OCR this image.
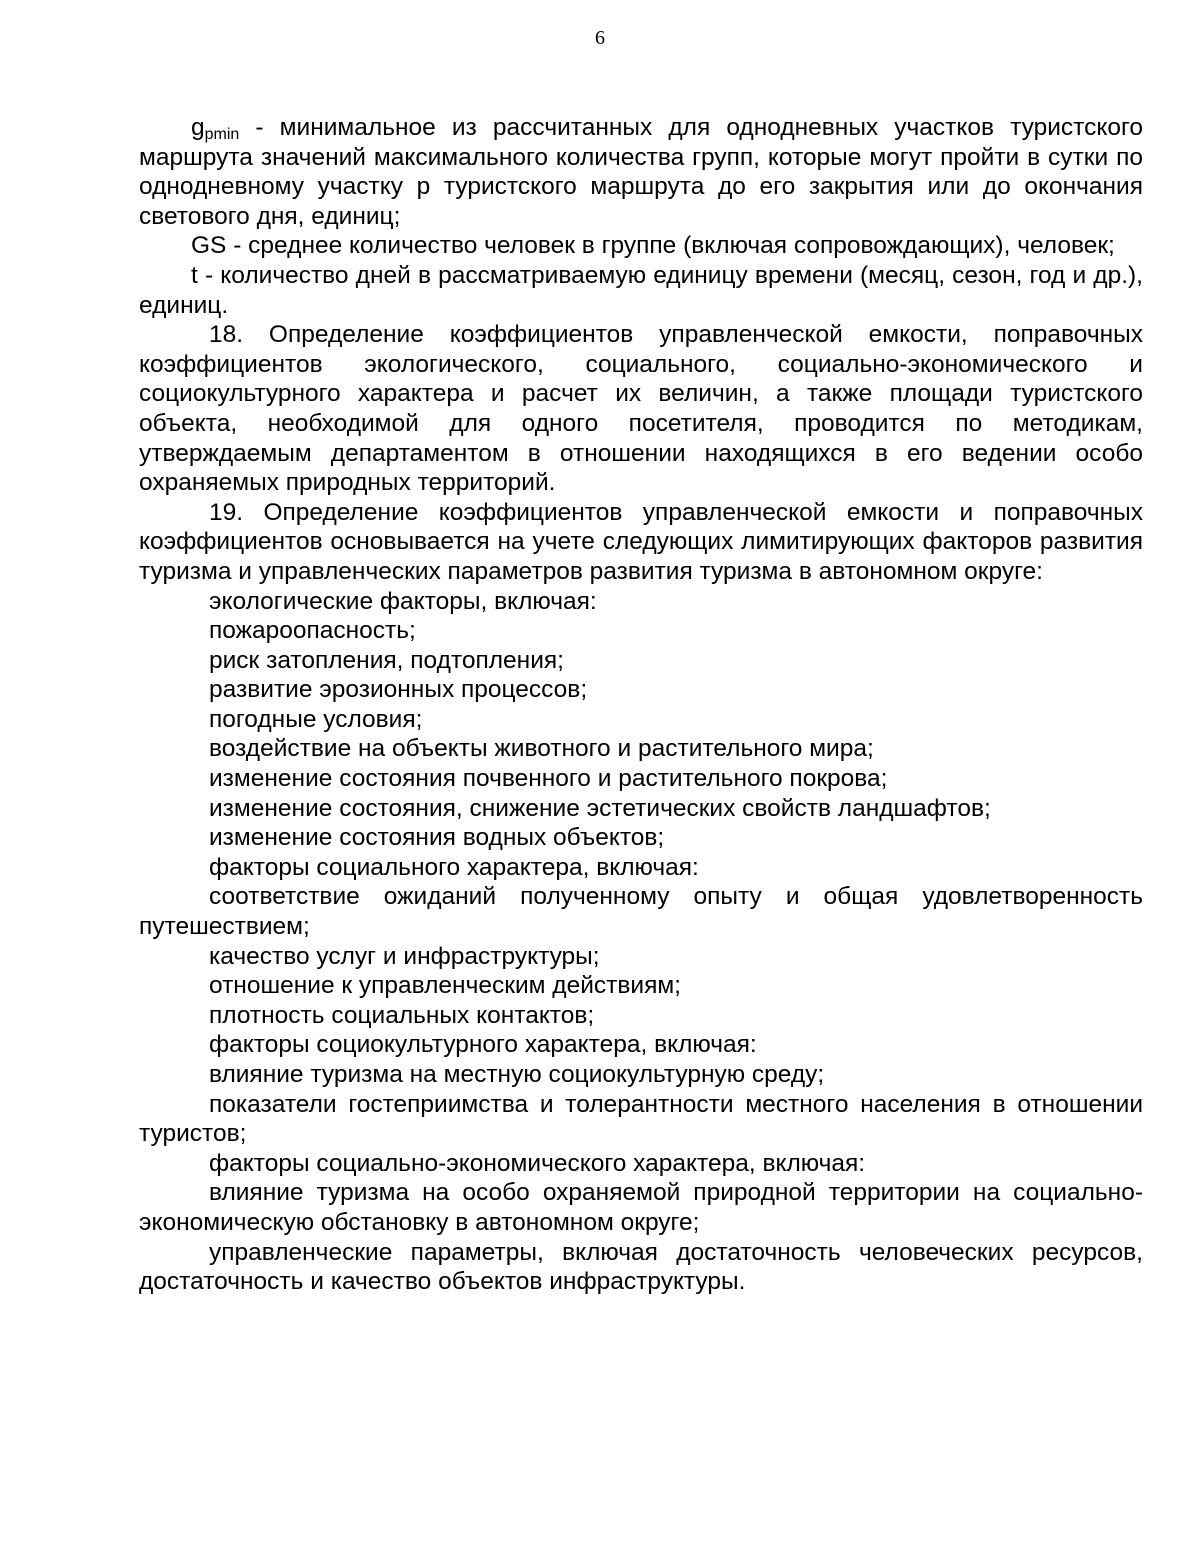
6

$g_{pmin}$ - минимальное из рассчитанных для однодневных участков туристского маршрута значений максимального количества групп, которые могут пройти в сутки по однодневному участку p туристского маршрута до его закрытия или до окончания светового дня, единиц;

GS - среднее количество человек в группе (включая сопровождающих), человек;

t - количество дней в рассматриваемую единицу времени (месяц, сезон, год и др.), единиц.

18. Определение коэффициентов управленческой емкости, поправочных коэффициентов экологического, социального, социально-экономического и социокультурного характера и расчет их величин, а также площади туристского объекта, необходимой для одного посетителя, проводится по методикам, утверждаемым департаментом в отношении находящихся в его ведении особо охраняемых природных территорий.

19. Определение коэффициентов управленческой емкости и поправочных коэффициентов основывается на учете следующих лимитирующих факторов развития туризма и управленческих параметров развития туризма в автономном округе:

экологические факторы, включая:

пожароопасность;

риск затопления, подтопления;

развитие эрозионных процессов;

погодные условия;

воздействие на объекты животного и растительного мира;

изменение состояния почвенного и растительного покрова;

изменение состояния, снижение эстетических свойств ландшафтов;

изменение состояния водных объектов;

факторы социального характера, включая:

соответствие ожиданий полученному опыту и общая удовлетворенность путешествием;

качество услуг и инфраструктуры;

отношение к управленческим действиям;

плотность социальных контактов;

факторы социокультурного характера, включая:

влияние туризма на местную социокультурную среду;

показатели гостеприимства и толерантности местного населения в отношении туристов;

факторы социально-экономического характера, включая:

влияние туризма на особо охраняемой природной территории на социально-экономическую обстановку в автономном округе;

управленческие параметры, включая достаточность человеческих ресурсов, достаточность и качество объектов инфраструктуры.
